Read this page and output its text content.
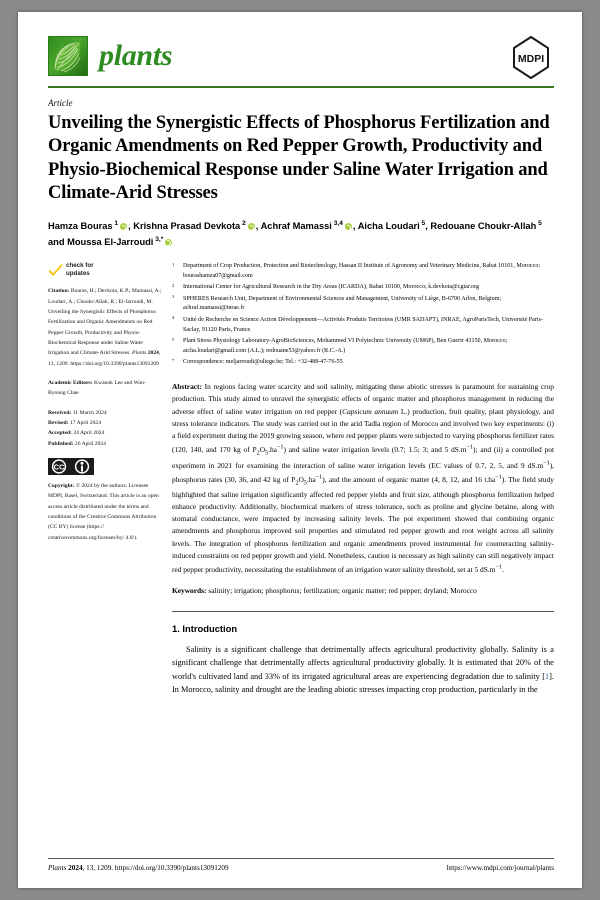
plants	MDPI
Article
Unveiling the Synergistic Effects of Phosphorus Fertilization and Organic Amendments on Red Pepper Growth, Productivity and Physio-Biochemical Response under Saline Water Irrigation and Climate-Arid Stresses
Hamza Bouras $^1$ , Krishna Prasad Devkota $^2$ , Achraf Mamassi $^{3,4}$ , Aicha Loudari $^5$, Redouane Choukr-Allah $^5$ and Moussa El-Jarroudi $^{3,*}$
check for
updates
Citation: Bouras, H.; Devkota, K.P.; Mamassi, A.; Loudari, A.; Choukr-Allah, R.; El-Jarroudi, M. Unveiling the Synergistic Effects of Phosphorus Fertilization and Organic Amendments on Red Pepper Growth, Productivity and Physio-Biochemical Response under Saline Water Irrigation and Climate-Arid Stresses. Plants 2024, 13, 1209. https://doi.org/10.3390/plants13091209
Academic Editors: Kwanuk Lee and Won-Byoung Chae
Received: 11 March 2024
Revised: 17 April 2024
Accepted: 24 April 2024
Published: 26 April 2024
CC
Copyright: © 2024 by the authors. Licensee MDPI, Basel, Switzerland. This article is an open access article distributed under the terms and conditions of the Creative Commons Attribution (CC BY) license (https:// creativecommons.org/licenses/by/ 4.0/).
1	Department of Crop Production, Protection and Biotechnology, Hassan II Institute of Agronomy and Veterinary Medicine, Rabat 10101, Morocco; bourashamza07@gmail.com
2	International Center for Agricultural Research in the Dry Areas (ICARDA), Rabat 10100, Morocco; k.devkota@cgiar.org
3	SPHERES Research Unit, Department of Environmental Sciences and Management, University of Liège, B-6700 Arlon, Belgium; achraf.mamassi@inrae.fr
4	Unité de Recherche en Science Action Développement—Activités Produits Territoires (UMR SADAPT), INRAE, AgroParisTech, Université Paris-Saclay, 91120 Paris, France
5	Plant Stress Physiology Laboratory-AgroBioSciences, Mohammed VI Polytechnic University (UM6P), Ben Guerir 43150, Morocco; aicha.loudari@gmail.com (A.L.); redouane53@yahoo.fr (R.C.-A.)
*	Correspondence: meljarroudi@uliege.be; Tel.: +32-488-47-76-55
Abstract: In regions facing water scarcity and soil salinity, mitigating these abiotic stresses is paramount for sustaining crop production. This study aimed to unravel the synergistic effects of organic matter and phosphorus management in reducing the adverse effect of saline water irrigation on red pepper (Capsicum annuum L.) production, fruit quality, plant physiology, and stress tolerance indicators. The study was carried out in the arid Tadla region of Morocco and involved two key experiments: (i) a field experiment during the 2019 growing season, where red pepper plants were subjected to varying phosphorus fertilizer rates (120, 140, and 170 kg of $P_2O_5.ha^{-1}$) and saline water irrigation levels (0.7; 1.5; 3; and 5 $dS.m^{-1}$); and (ii) a controlled pot experiment in 2021 for examining the interaction of saline water irrigation levels (EC values of 0.7, 2, 5, and 9 $dS.m^{-1}$), phosphorus rates (30, 36, and 42 kg of $P_2O_5.ha^{-1}$), and the amount of organic matter (4, 8, 12, and 16 $t.ha^{-1}$). The field study highlighted that saline irrigation significantly affected red pepper yields and fruit size, although phosphorus fertilization helped enhance productivity. Additionally, biochemical markers of stress tolerance, such as proline and glycine betaine, along with stomatal conductance, were impacted by increasing salinity levels. The pot experiment showed that combining organic amendments and phosphorus improved soil properties and stimulated red pepper growth and root weight across all salinity levels. The integration of phosphorus fertilization and organic amendments proved instrumental for counteracting salinity-induced constraints on red pepper growth and yield. Nonetheless, caution is necessary as high salinity can still negatively impact red pepper productivity, necessitating the establishment of an irrigation water salinity threshold, set at 5 $dS.m^{-1}$.
Keywords: salinity; irrigation; phosphorus; fertilization; organic matter; red pepper; dryland; Morocco
1. Introduction

Salinity is a significant challenge that detrimentally affects agricultural productivity globally. Salinity is a significant challenge that detrimentally affects agricultural productivity globally. It is estimated that 20% of the world's cultivated land and 33% of its irrigated agricultural areas are experiencing degradation due to salinity [1]. In Morocco, salinity and drought are the leading abiotic stresses impacting crop production, particularly in the

Plants 2024, 13, 1209. https://doi.org/10.3390/plants13091209	https://www.mdpi.com/journal/plants
